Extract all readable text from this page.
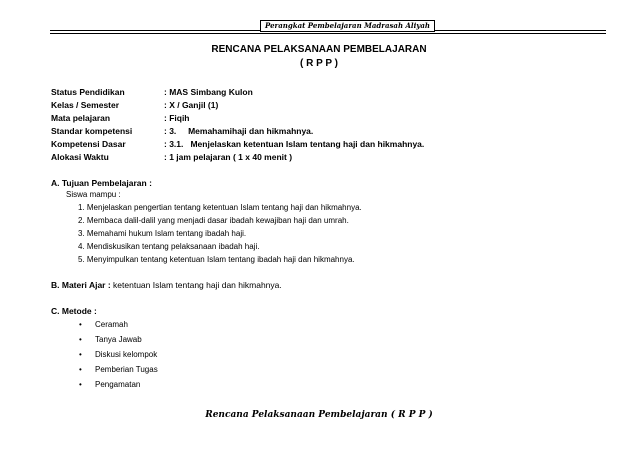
Perangkat Pembelajaran Madrasah Aliyah
RENCANA PELAKSANAAN PEMBELAJARAN
( R P P )
Status Pendidikan	: MAS Simbang Kulon
Kelas / Semester	: X / Ganjil (1)
Mata pelajaran	: Fiqih
Standar kompetensi	: 3.     Memahamihaji dan hikmahnya.
Kompetensi Dasar	: 3.1.   Menjelaskan ketentuan Islam tentang haji dan hikmahnya.
Alokasi Waktu	: 1 jam pelajaran ( 1 x 40 menit )
A. Tujuan Pembelajaran :
Siswa mampu :
1. Menjelaskan pengertian tentang ketentuan Islam tentang haji dan hikmahnya.
2. Membaca dalil-dalil yang menjadi dasar ibadah kewajiban haji dan umrah.
3. Memahami hukum Islam tentang ibadah haji.
4. Mendiskusikan tentang pelaksanaan ibadah haji.
5. Menyimpulkan tentang ketentuan Islam tentang ibadah haji dan hikmahnya.
B. Materi Ajar : ketentuan Islam tentang haji dan hikmahnya.
C. Metode :
• Ceramah
• Tanya Jawab
• Diskusi kelompok
• Pemberian Tugas
• Pengamatan
Rencana Pelaksanaan Pembelajaran ( R P P )
